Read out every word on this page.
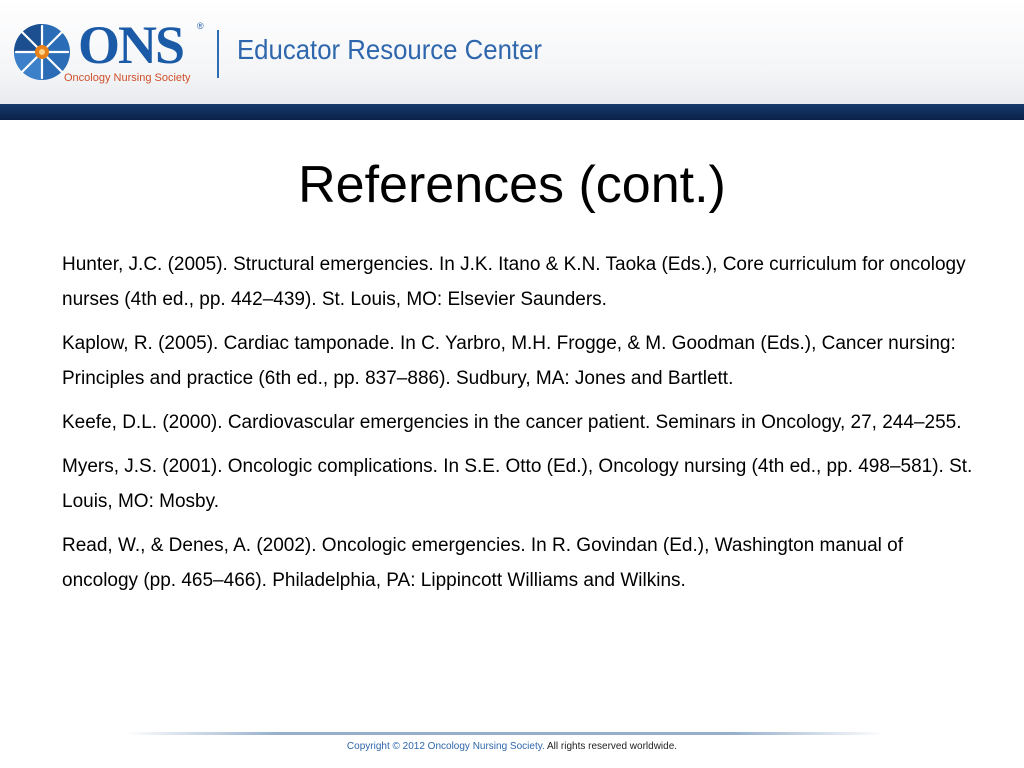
ONS ®
Oncology Nursing Society
Educator Resource Center
References (cont.)
Hunter, J.C. (2005). Structural emergencies. In J.K. Itano & K.N. Taoka (Eds.), Core curriculum for oncology nurses (4th ed., pp. 442–439). St. Louis, MO: Elsevier Saunders.
Kaplow, R. (2005). Cardiac tamponade. In C. Yarbro, M.H. Frogge, & M. Goodman (Eds.), Cancer nursing: Principles and practice (6th ed., pp. 837–886). Sudbury, MA: Jones and Bartlett.
Keefe, D.L. (2000). Cardiovascular emergencies in the cancer patient. Seminars in Oncology, 27, 244–255.
Myers, J.S. (2001). Oncologic complications. In S.E. Otto (Ed.), Oncology nursing (4th ed., pp. 498–581). St. Louis, MO: Mosby.
Read, W., & Denes, A. (2002). Oncologic emergencies. In R. Govindan (Ed.), Washington manual of oncology (pp. 465–466). Philadelphia, PA: Lippincott Williams and Wilkins.

Copyright © 2012 Oncology Nursing Society. All rights reserved worldwide.
